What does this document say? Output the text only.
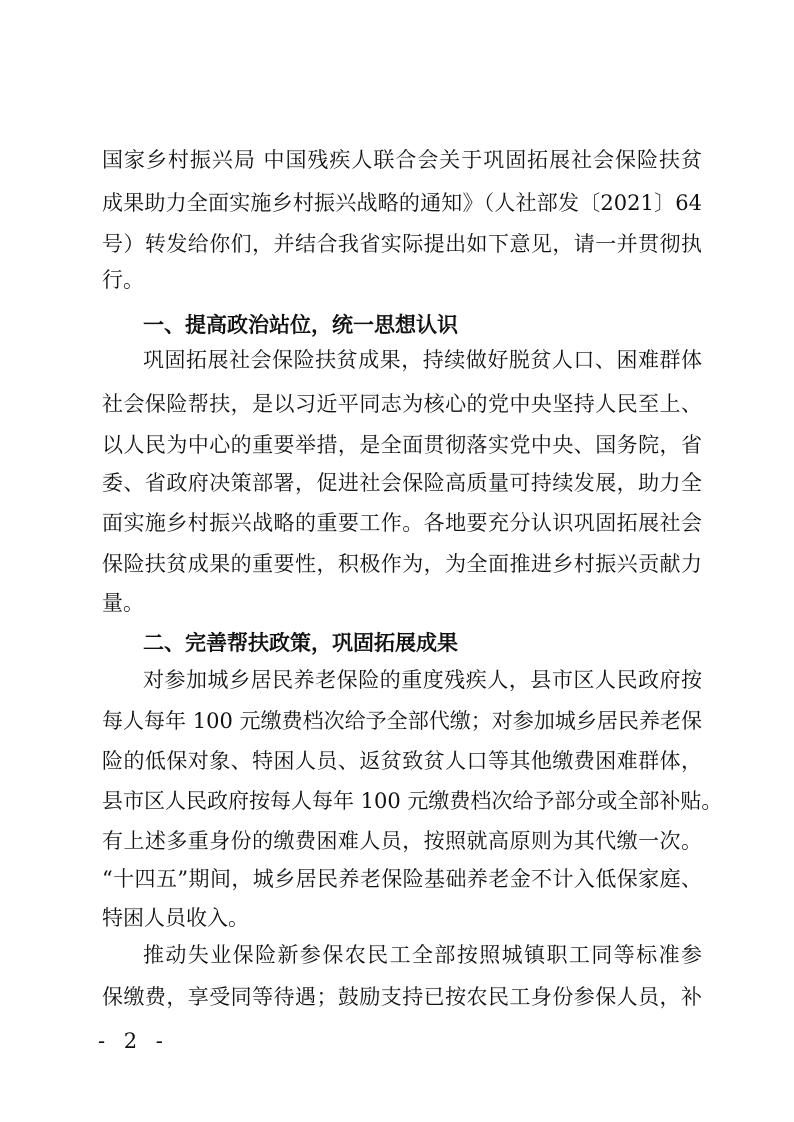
国家乡村振兴局 中国残疾人联合会关于巩固拓展社会保险扶贫
成果助力全面实施乡村振兴战略的通知》（人社部发〔2021〕64
号）转发给你们，并结合我省实际提出如下意见，请一并贯彻执
行。
一、提高政治站位，统一思想认识
巩固拓展社会保险扶贫成果，持续做好脱贫人口、困难群体
社会保险帮扶，是以习近平同志为核心的党中央坚持人民至上、
以人民为中心的重要举措，是全面贯彻落实党中央、国务院，省
委、省政府决策部署，促进社会保险高质量可持续发展，助力全
面实施乡村振兴战略的重要工作。各地要充分认识巩固拓展社会
保险扶贫成果的重要性，积极作为，为全面推进乡村振兴贡献力
量。
二、完善帮扶政策，巩固拓展成果
对参加城乡居民养老保险的重度残疾人，县市区人民政府按
每人每年 100 元缴费档次给予全部代缴；对参加城乡居民养老保
险的低保对象、特困人员、返贫致贫人口等其他缴费困难群体，
县市区人民政府按每人每年 100 元缴费档次给予部分或全部补贴。
有上述多重身份的缴费困难人员，按照就高原则为其代缴一次。
“十四五”期间，城乡居民养老保险基础养老金不计入低保家庭、
特困人员收入。
推动失业保险新参保农民工全部按照城镇职工同等标准参
保缴费，享受同等待遇；鼓励支持已按农民工身份参保人员，补
- 2 -
